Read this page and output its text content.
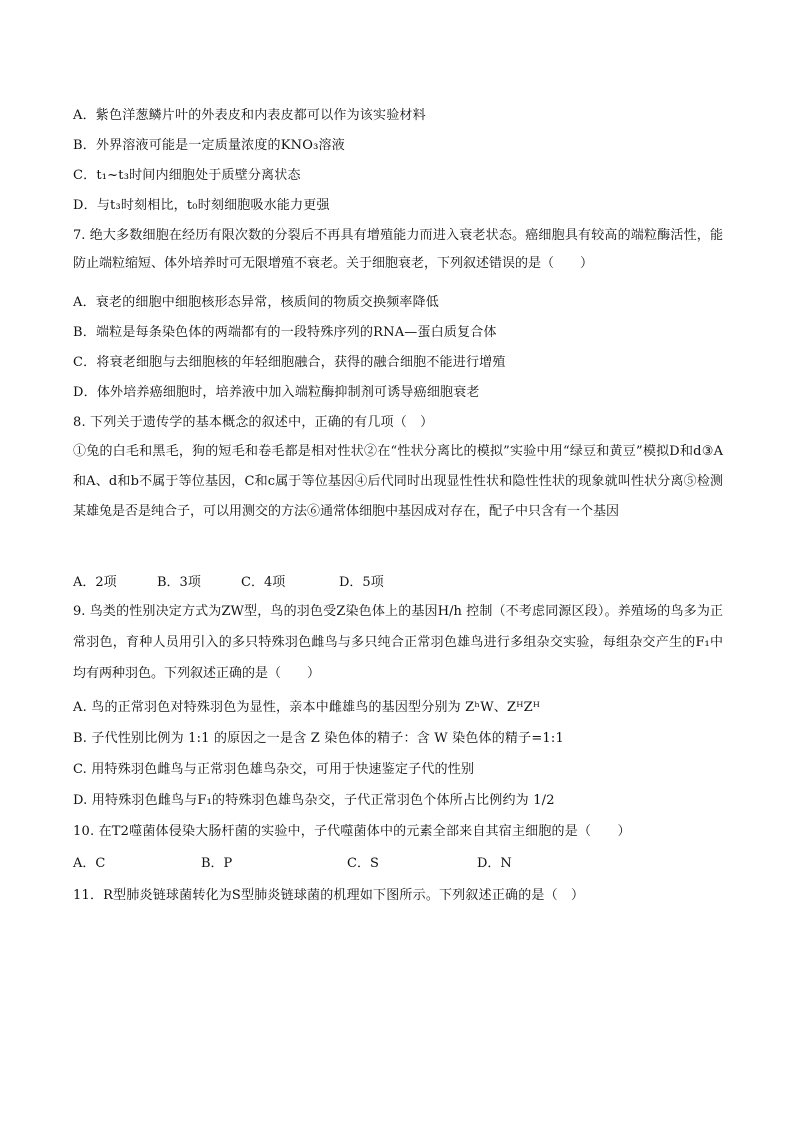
A．紫色洋葱鳞片叶的外表皮和内表皮都可以作为该实验材料
B．外界溶液可能是一定质量浓度的KNO₃溶液
C．t₁~t₃时间内细胞处于质壁分离状态
D．与t₃时刻相比，t₀时刻细胞吸水能力更强
7. 绝大多数细胞在经历有限次数的分裂后不再具有增殖能力而进入衰老状态。癌细胞具有较高的端粒酶活性，能防止端粒缩短、体外培养时可无限增殖不衰老。关于细胞衰老，下列叙述错误的是（　　）
A．衰老的细胞中细胞核形态异常，核质间的物质交换频率降低
B．端粒是每条染色体的两端都有的一段特殊序列的RNA—蛋白质复合体
C．将衰老细胞与去细胞核的年轻细胞融合，获得的融合细胞不能进行增殖
D．体外培养癌细胞时，培养液中加入端粒酶抑制剂可诱导癌细胞衰老
8. 下列关于遗传学的基本概念的叙述中，正确的有几项（　）
①兔的白毛和黑毛，狗的短毛和卷毛都是相对性状②在“性状分离比的模拟”实验中用“绿豆和黄豆”模拟D和d③A和A、d和b不属于等位基因，C和c属于等位基因④后代同时出现显性性状和隐性性状的现象就叫性状分离⑤检测某雄兔是否是纯合子，可以用测交的方法⑥通常体细胞中基因成对存在，配子中只含有一个基因
A．2项	B．3项	C．4项	D．5项
9. 鸟类的性别决定方式为ZW型，鸟的羽色受Z染色体上的基因H/h 控制（不考虑同源区段）。养殖场的鸟多为正常羽色，育种人员用引入的多只特殊羽色雌鸟与多只纯合正常羽色雄鸟进行多组杂交实验，每组杂交产生的F₁中均有两种羽色。下列叙述正确的是（　　）
A. 鸟的正常羽色对特殊羽色为显性，亲本中雌雄鸟的基因型分别为 ZʰW、ZᴴZᴴ
B. 子代性别比例为 1:1 的原因之一是含 Z 染色体的精子：含 W 染色体的精子=1:1
C. 用特殊羽色雌鸟与正常羽色雄鸟杂交，可用于快速鉴定子代的性别
D. 用特殊羽色雌鸟与F₁的特殊羽色雄鸟杂交，子代正常羽色个体所占比例约为 1/2
10. 在T2噬菌体侵染大肠杆菌的实验中，子代噬菌体中的元素全部来自其宿主细胞的是（　　）
A．C	B．P	C．S	D．N
11．R型肺炎链球菌转化为S型肺炎链球菌的机理如下图所示。下列叙述正确的是（　）
